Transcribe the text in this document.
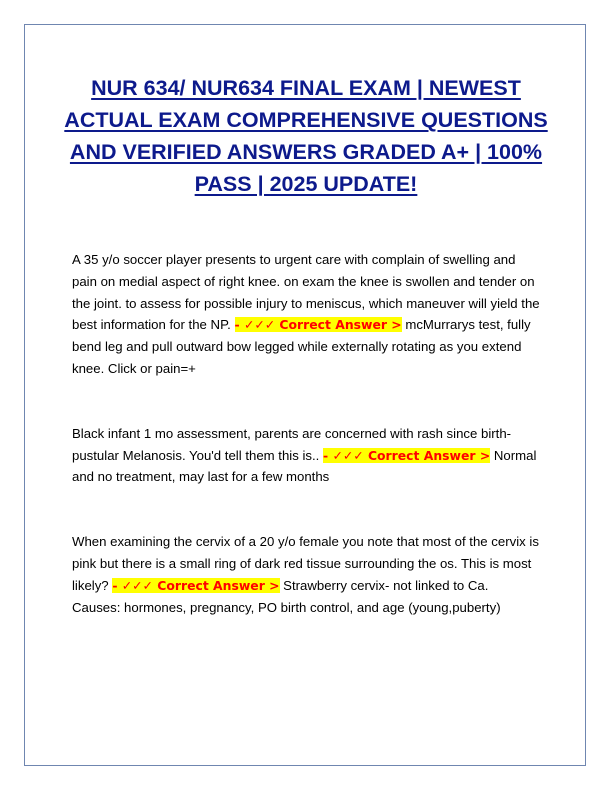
NUR 634/ NUR634 FINAL EXAM | NEWEST ACTUAL EXAM COMPREHENSIVE QUESTIONS AND VERIFIED ANSWERS GRADED A+ | 100% PASS | 2025 UPDATE!

A 35 y/o soccer player presents to urgent care with complain of swelling and pain on medial aspect of right knee. on exam the knee is swollen and tender on the joint. to assess for possible injury to meniscus, which maneuver will yield the best information for the NP. - ✓✓✓ Correct Answer > mcMurrarys test, fully bend leg and pull outward bow legged while externally rotating as you extend knee. Click or pain=+

Black infant 1 mo assessment, parents are concerned with rash since birth-pustular Melanosis. You'd tell them this is.. - ✓✓✓ Correct Answer > Normal and no treatment, may last for a few months

When examining the cervix of a 20 y/o female you note that most of the cervix is pink but there is a small ring of dark red tissue surrounding the os. This is most likely? - ✓✓✓ Correct Answer > Strawberry cervix- not linked to Ca. Causes: hormones, pregnancy, PO birth control, and age (young,puberty)
